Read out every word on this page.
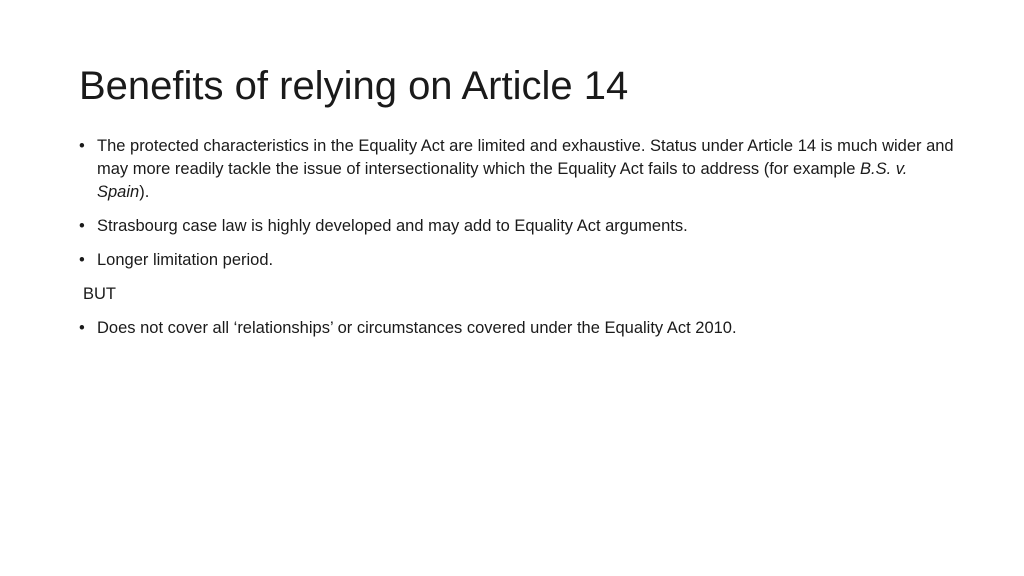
Benefits of relying on Article 14
• The protected characteristics in the Equality Act are limited and exhaustive. Status under Article 14 is much wider and may more readily tackle the issue of intersectionality which the Equality Act fails to address (for example B.S. v. Spain).
• Strasbourg case law is highly developed and may add to Equality Act arguments.
• Longer limitation period.
BUT
• Does not cover all ‘relationships’ or circumstances covered under the Equality Act 2010.
